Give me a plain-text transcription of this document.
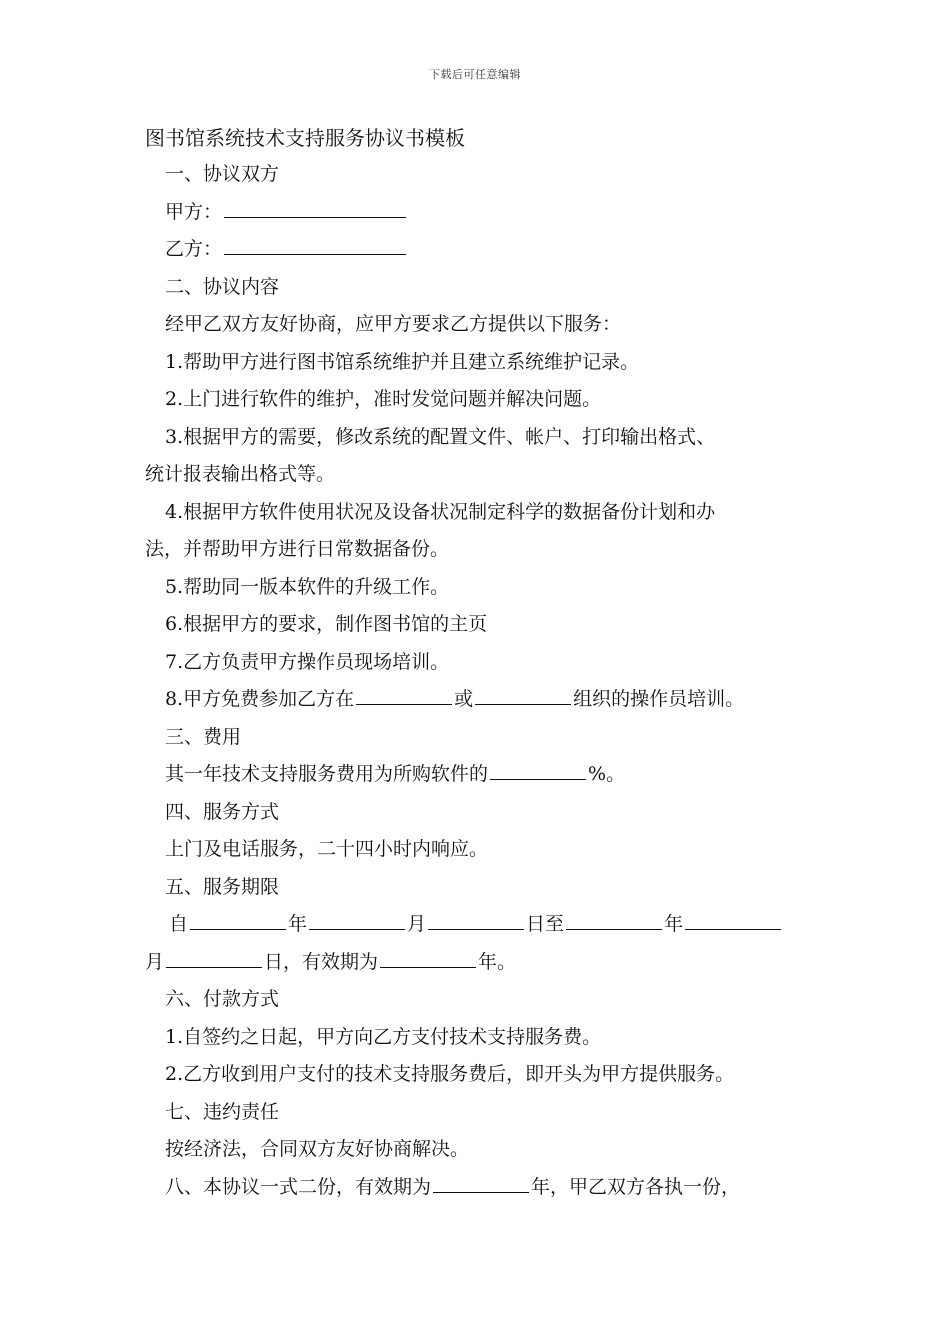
下载后可任意编辑
图书馆系统技术支持服务协议书模板
一、协议双方
甲方：
乙方：
二、协议内容
经甲乙双方友好协商，应甲方要求乙方提供以下服务：
1.帮助甲方进行图书馆系统维护并且建立系统维护记录。
2.上门进行软件的维护，准时发觉问题并解决问题。
3.根据甲方的需要，修改系统的配置文件、帐户、打印输出格式、
统计报表输出格式等。
4.根据甲方软件使用状况及设备状况制定科学的数据备份计划和办
法，并帮助甲方进行日常数据备份。
5.帮助同一版本软件的升级工作。
6.根据甲方的要求，制作图书馆的主页
7.乙方负责甲方操作员现场培训。
8.甲方免费参加乙方在	或	组织的操作员培训。
三、费用
其一年技术支持服务费用为所购软件的	%。
四、服务方式
上门及电话服务，二十四小时内响应。
五、服务期限
自	年	月	日至	年
月	日，有效期为	年。
六、付款方式
1.自签约之日起，甲方向乙方支付技术支持服务费。
2.乙方收到用户支付的技术支持服务费后，即开头为甲方提供服务。
七、违约责任
按经济法，合同双方友好协商解决。
八、本协议一式二份，有效期为	年，甲乙双方各执一份，
